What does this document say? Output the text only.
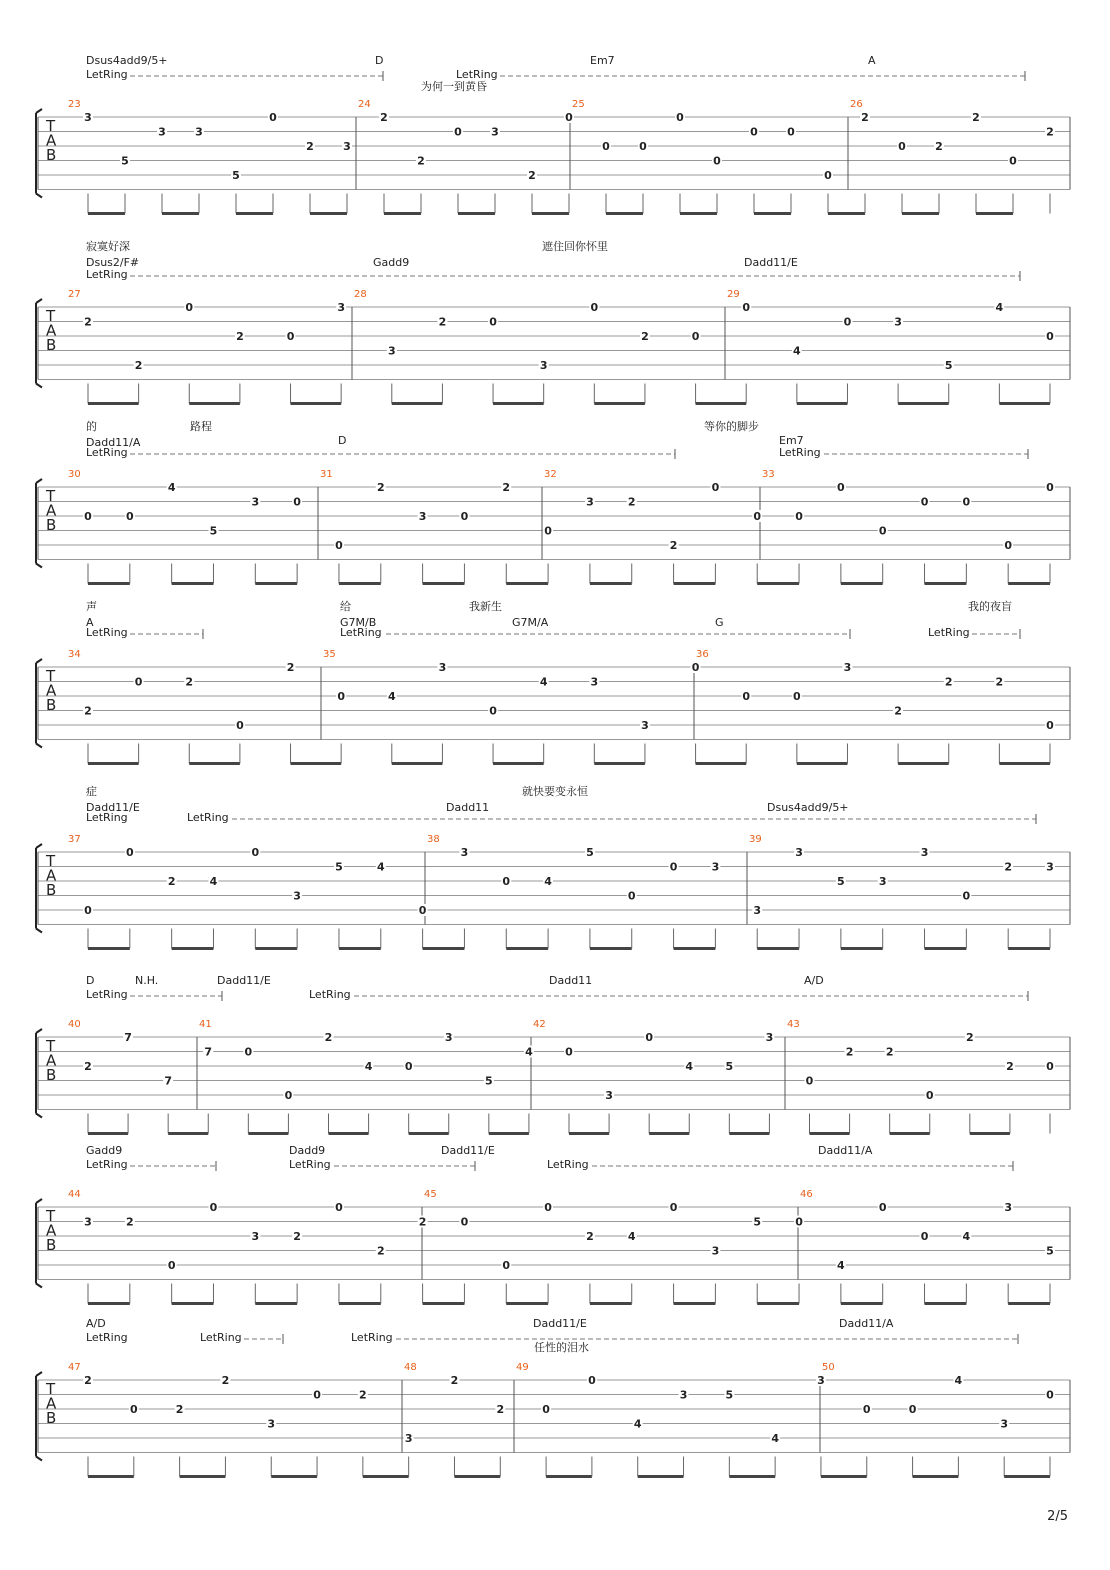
Dsus4add9/5+	D	Em7	A
为何一到黄昏
T
A
B
23	24	25	26
3
5
3	3
5
0
2	3
2
2
0	3
2
0
0	0
0
0
0	0
0
2
0	2
2
0
2
LetRing	LetRing
Dsus2/F#	Gadd9	Dadd11/E
寂寞好深	遮住回你怀里
T
A
B
27	28	29
2
2
0
2	0
3
3
2	0
3
0
2	0
0
4
0	3
5
4
0
LetRing
Dadd11/A	D	Em7
的	路程	等你的脚步
T
A
B
30	31	32	33
0	0
4
5
3	0
0
2
3	0
2
0
3	2
2
0
0	0
0
0
0	0
0
0
LetRing	LetRing
A	G7M/B	G7M/A	G
声	给	我新生	我的夜盲
T
A
B
34	35	36
2
0	2
0
2
0	4
3
0
4	3
3
0
0	0
3
2
2	2
0
LetRing	LetRing	LetRing
Dadd11/E	Dadd11	Dsus4add9/5+
症	就快要变永恒
T
A
B
37	38	39
0
0
2	4
0
3
5	4
0
3
0	4
5
0
0	3
3
3
5	3
3
0
2	3
LetRing	LetRing
D	N.H.	Dadd11/E	Dadd11	A/D
T
A
B
40	41	42	43
2
7
7
7	0
0
2
4	0
3
5
4	0
3
0
4	5
3
0
2	2
0
2
2	0
LetRing	LetRing
Gadd9	Dadd9	Dadd11/E	Dadd11/A
T
A
B
44	45	46
3	2
0
0
3	2
0
2
2	0
0
0
2	4
0
3
5	0
4
0
0	4
3
5
LetRing	LetRing	LetRing
A/D	Dadd11/E	Dadd11/A
任性的泪水
T
A
B
47	48	49	50
2
0	2
2
3
0	2
3
2
2	0
0
4
3	5
4
3
0	0
4
3
0
LetRing	LetRing	LetRing
2/5
